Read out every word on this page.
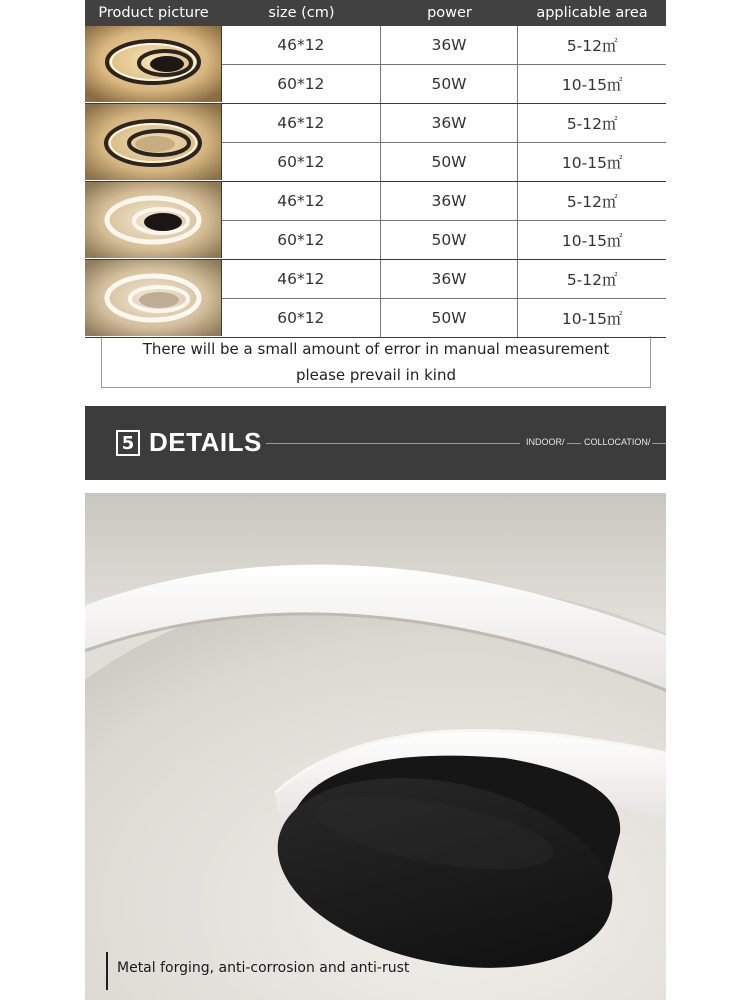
Product picture	size (cm)	power	applicable area
46*12	36W	5-12㎡
60*12	50W	10-15㎡
46*12	36W	5-12㎡
60*12	50W	10-15㎡
46*12	36W	5-12㎡
60*12	50W	10-15㎡
46*12	36W	5-12㎡
60*12	50W	10-15㎡
There will be a small amount of error in manual measurement
please prevail in kind
5 DETAILS	INDOOR/ COLLOCATION/
Metal forging, anti-corrosion and anti-rust
